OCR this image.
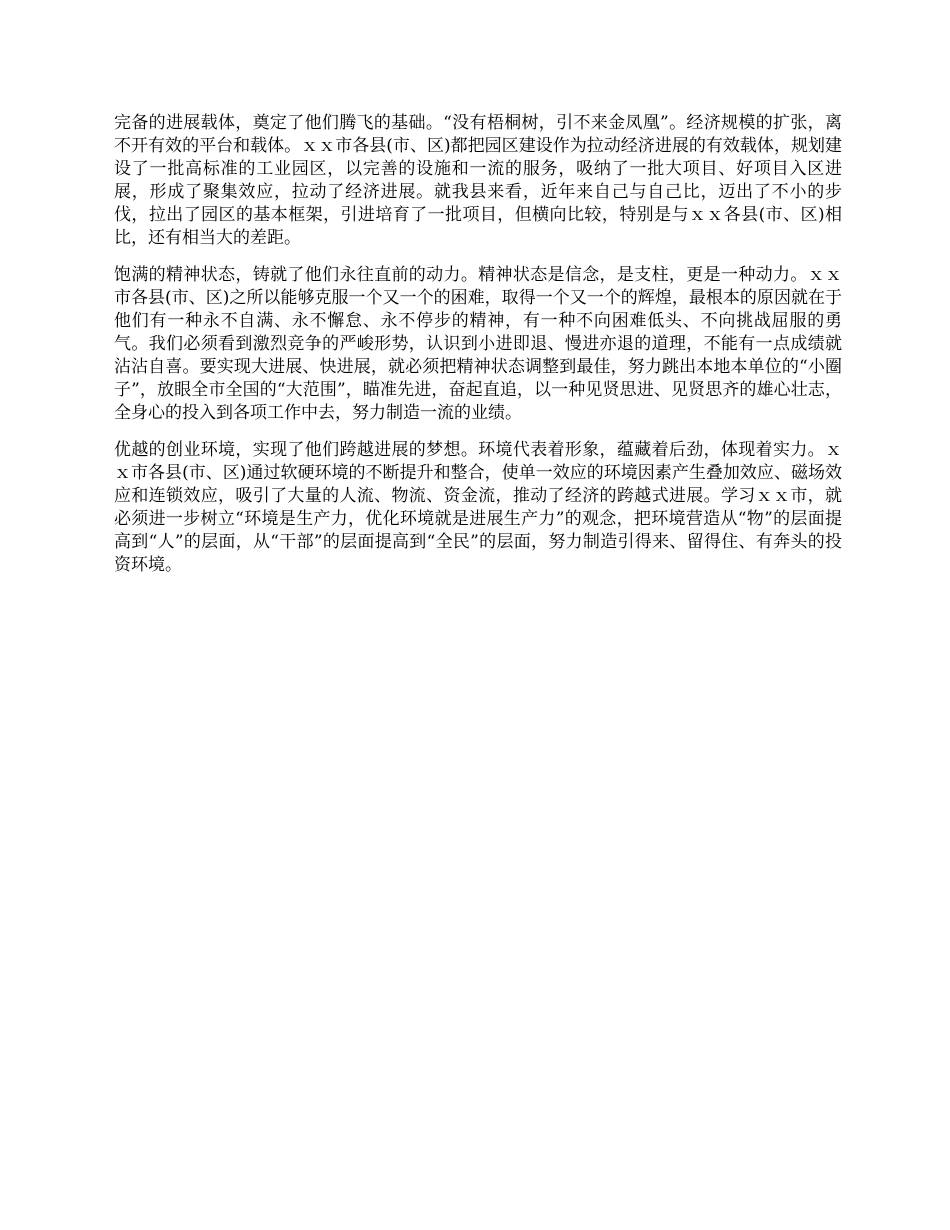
完备的进展载体，奠定了他们腾飞的基础。“没有梧桐树，引不来金凤凰”。经济规模的扩张，离不开有效的平台和载体。ｘｘ市各县(市、区)都把园区建设作为拉动经济进展的有效载体，规划建设了一批高标准的工业园区，以完善的设施和一流的服务，吸纳了一批大项目、好项目入区进展，形成了聚集效应，拉动了经济进展。就我县来看，近年来自己与自己比，迈出了不小的步伐，拉出了园区的基本框架，引进培育了一批项目，但横向比较，特别是与ｘｘ各县(市、区)相比，还有相当大的差距。

饱满的精神状态，铸就了他们永往直前的动力。精神状态是信念，是支柱，更是一种动力。ｘｘ市各县(市、区)之所以能够克服一个又一个的困难，取得一个又一个的辉煌，最根本的原因就在于他们有一种永不自满、永不懈怠、永不停步的精神，有一种不向困难低头、不向挑战屈服的勇气。我们必须看到激烈竞争的严峻形势，认识到小进即退、慢进亦退的道理，不能有一点成绩就沾沾自喜。要实现大进展、快进展，就必须把精神状态调整到最佳，努力跳出本地本单位的“小圈子”，放眼全市全国的“大范围”，瞄准先进，奋起直追，以一种见贤思进、见贤思齐的雄心壮志，全身心的投入到各项工作中去，努力制造一流的业绩。

优越的创业环境，实现了他们跨越进展的梦想。环境代表着形象，蕴藏着后劲，体现着实力。ｘｘ市各县(市、区)通过软硬环境的不断提升和整合，使单一效应的环境因素产生叠加效应、磁场效应和连锁效应，吸引了大量的人流、物流、资金流，推动了经济的跨越式进展。学习ｘｘ市，就必须进一步树立“环境是生产力，优化环境就是进展生产力”的观念，把环境营造从“物”的层面提高到“人”的层面，从“干部”的层面提高到“全民”的层面，努力制造引得来、留得住、有奔头的投资环境。
